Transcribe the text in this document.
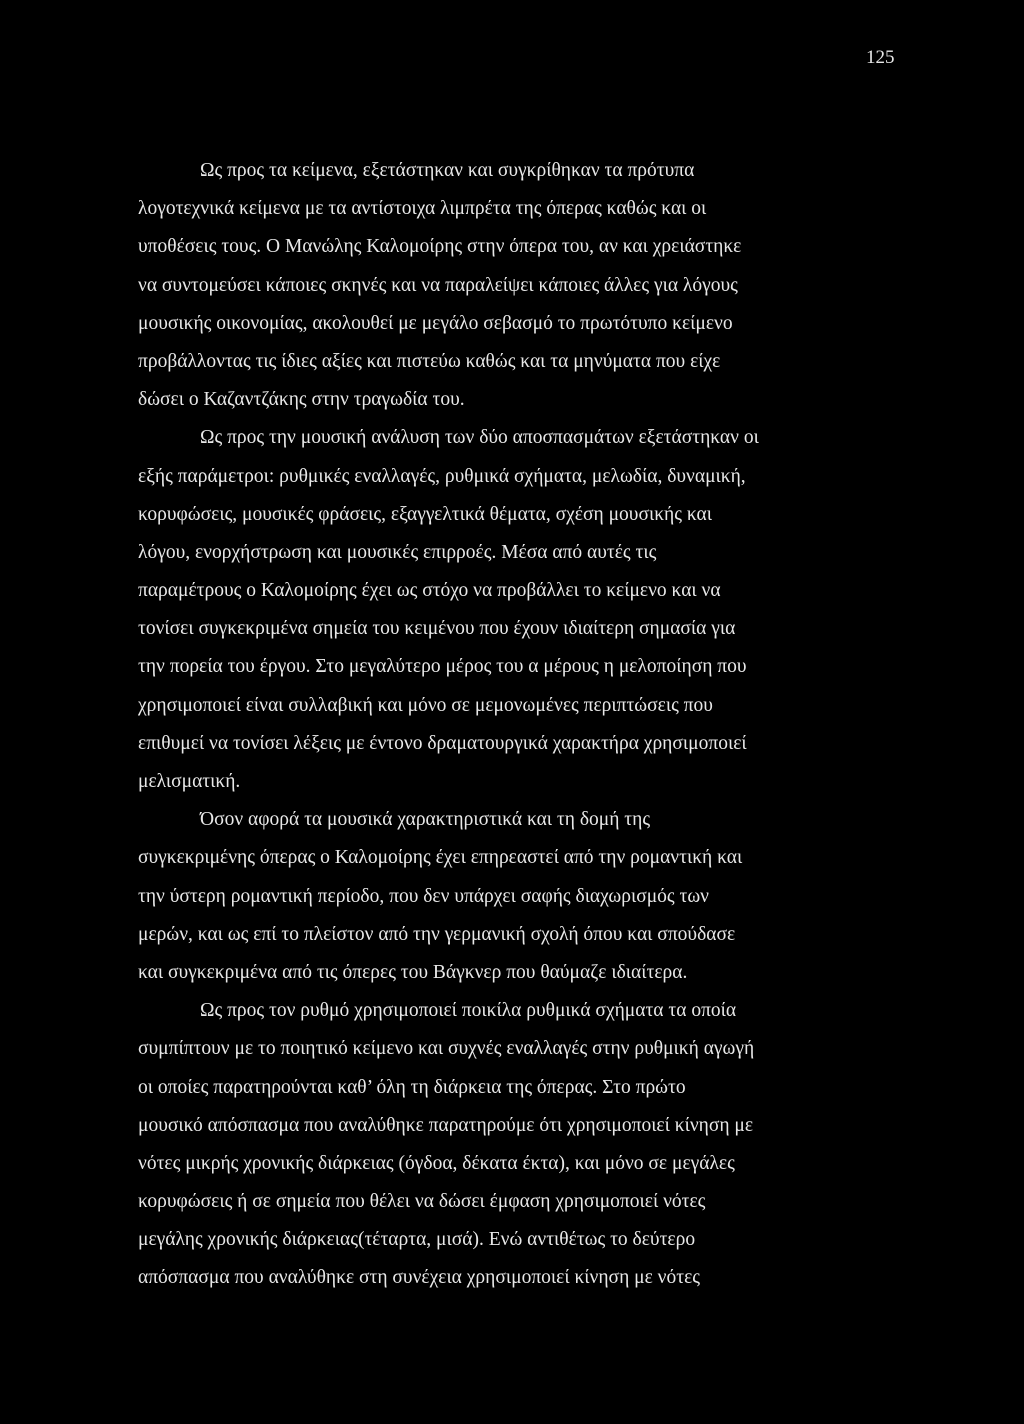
125
Ως προς τα κείμενα, εξετάστηκαν και συγκρίθηκαν τα πρότυπα
λογοτεχνικά κείμενα με τα αντίστοιχα λιμπρέτα της όπερας καθώς και οι
υποθέσεις τους. Ο Μανώλης Καλομοίρης στην όπερα του, αν και χρειάστηκε
να συντομεύσει κάποιες σκηνές και να παραλείψει κάποιες άλλες για λόγους
μουσικής οικονομίας, ακολουθεί με μεγάλο σεβασμό το πρωτότυπο κείμενο
προβάλλοντας τις ίδιες αξίες και πιστεύω καθώς και τα μηνύματα που είχε
δώσει ο Καζαντζάκης στην τραγωδία του.
Ως προς την μουσική ανάλυση των δύο αποσπασμάτων εξετάστηκαν οι
εξής παράμετροι: ρυθμικές εναλλαγές, ρυθμικά σχήματα, μελωδία, δυναμική,
κορυφώσεις, μουσικές φράσεις, εξαγγελτικά θέματα, σχέση μουσικής και
λόγου, ενορχήστρωση και μουσικές επιρροές. Μέσα από αυτές τις
παραμέτρους ο Καλομοίρης έχει ως στόχο να προβάλλει το κείμενο και να
τονίσει συγκεκριμένα σημεία του κειμένου που έχουν ιδιαίτερη σημασία για
την πορεία του έργου. Στο μεγαλύτερο μέρος του α μέρους η μελοποίηση που
χρησιμοποιεί είναι συλλαβική και μόνο σε μεμονωμένες περιπτώσεις που
επιθυμεί να τονίσει λέξεις με έντονο δραματουργικά χαρακτήρα χρησιμοποιεί
μελισματική.
Όσον αφορά τα μουσικά χαρακτηριστικά και τη δομή της
συγκεκριμένης όπερας ο Καλομοίρης έχει επηρεαστεί από την ρομαντική και
την ύστερη ρομαντική περίοδο, που δεν υπάρχει σαφής διαχωρισμός των
μερών, και ως επί το πλείστον από την γερμανική σχολή όπου και σπούδασε
και συγκεκριμένα από τις όπερες του Βάγκνερ που θαύμαζε ιδιαίτερα.
Ως προς τον ρυθμό χρησιμοποιεί ποικίλα ρυθμικά σχήματα τα οποία
συμπίπτουν με το ποιητικό κείμενο και συχνές εναλλαγές στην ρυθμική αγωγή
οι οποίες παρατηρούνται καθ’ όλη τη διάρκεια της όπερας. Στο πρώτο
μουσικό απόσπασμα που αναλύθηκε παρατηρούμε ότι χρησιμοποιεί κίνηση με
νότες μικρής χρονικής διάρκειας (όγδοα, δέκατα έκτα), και μόνο σε μεγάλες
κορυφώσεις ή σε σημεία που θέλει να δώσει έμφαση χρησιμοποιεί νότες
μεγάλης χρονικής διάρκειας(τέταρτα, μισά). Ενώ αντιθέτως το δεύτερο
απόσπασμα που αναλύθηκε στη συνέχεια χρησιμοποιεί κίνηση με νότες
